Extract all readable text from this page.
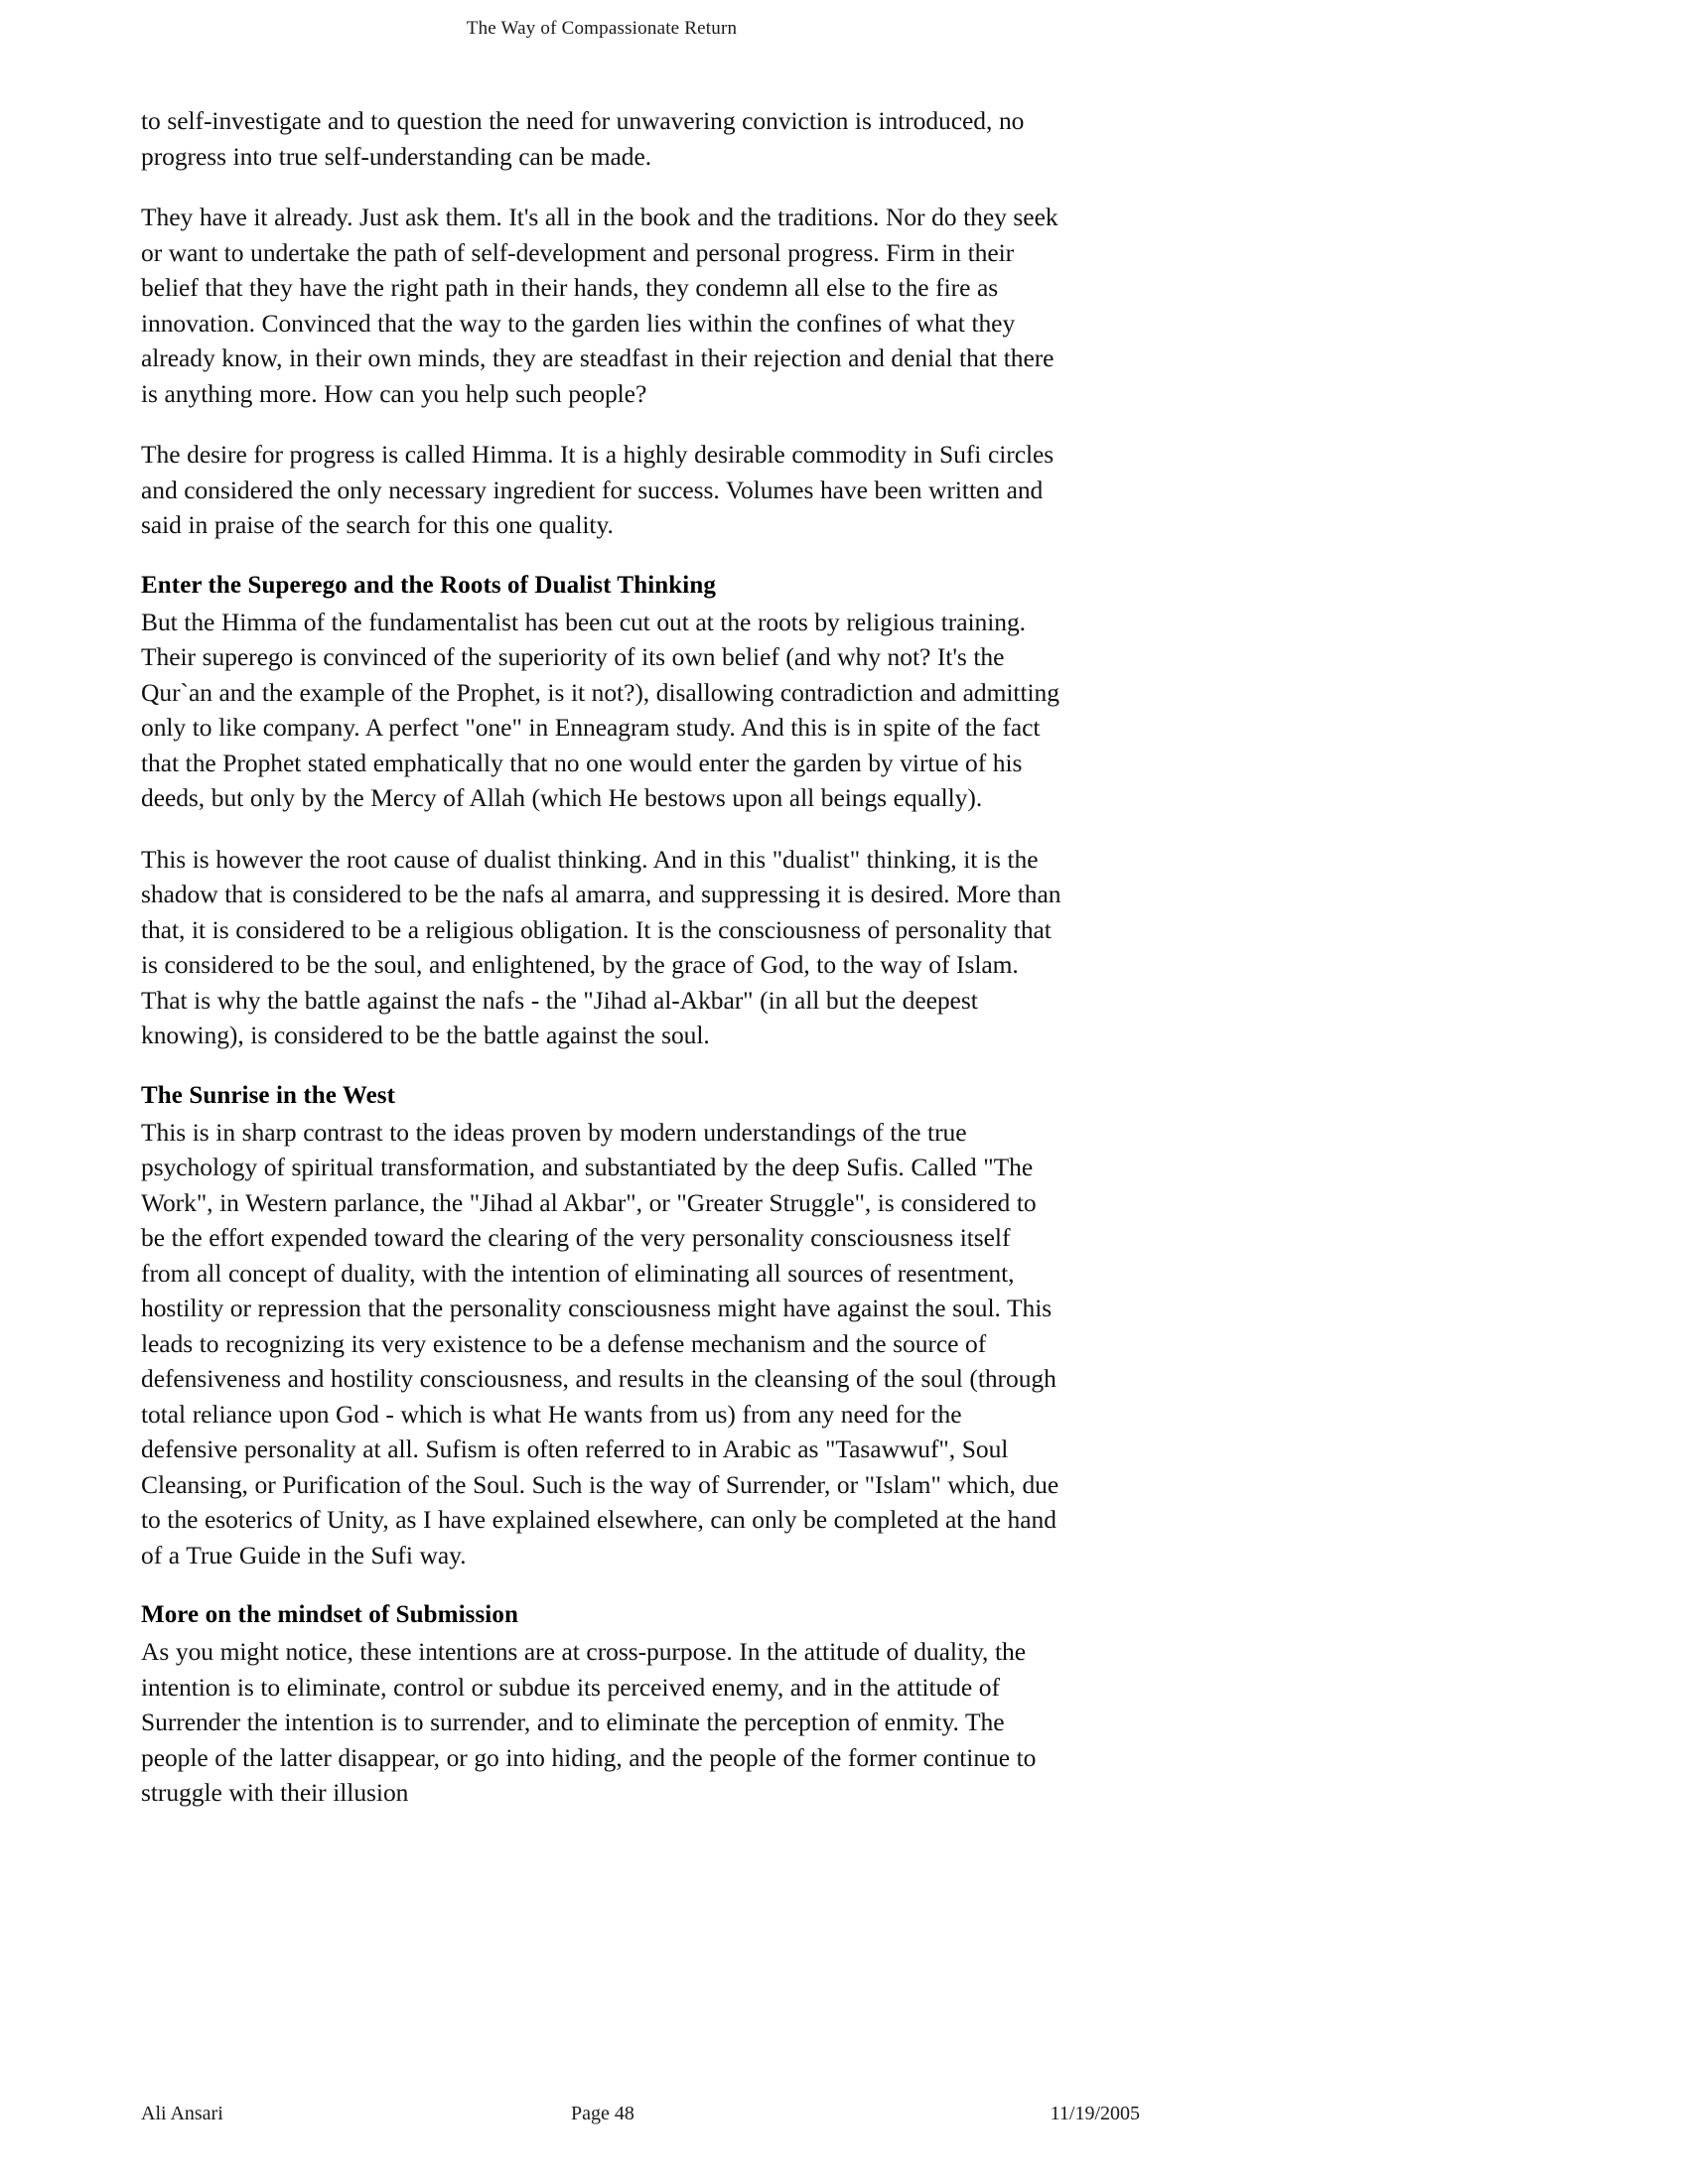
The Way of Compassionate Return

to self-investigate and to question the need for unwavering conviction is introduced, no progress into true self-understanding can be made.

They have it already. Just ask them. It's all in the book and the traditions. Nor do they seek or want to undertake the path of self-development and personal progress. Firm in their belief that they have the right path in their hands, they condemn all else to the fire as innovation. Convinced that the way to the garden lies within the confines of what they already know, in their own minds, they are steadfast in their rejection and denial that there is anything more. How can you help such people?

The desire for progress is called Himma. It is a highly desirable commodity in Sufi circles and considered the only necessary ingredient for success. Volumes have been written and said in praise of the search for this one quality.

Enter the Superego and the Roots of Dualist Thinking

But the Himma of the fundamentalist has been cut out at the roots by religious training. Their superego is convinced of the superiority of its own belief (and why not? It's the Qur`an and the example of the Prophet, is it not?), disallowing contradiction and admitting only to like company. A perfect "one" in Enneagram study. And this is in spite of the fact that the Prophet stated emphatically that no one would enter the garden by virtue of his deeds, but only by the Mercy of Allah (which He bestows upon all beings equally).

This is however the root cause of dualist thinking. And in this "dualist" thinking, it is the shadow that is considered to be the nafs al amarra, and suppressing it is desired. More than that, it is considered to be a religious obligation. It is the consciousness of personality that is considered to be the soul, and enlightened, by the grace of God, to the way of Islam. That is why the battle against the nafs - the "Jihad al-Akbar" (in all but the deepest knowing), is considered to be the battle against the soul.

The Sunrise in the West

This is in sharp contrast to the ideas proven by modern understandings of the true psychology of spiritual transformation, and substantiated by the deep Sufis. Called "The Work", in Western parlance, the "Jihad al Akbar", or "Greater Struggle", is considered to be the effort expended toward the clearing of the very personality consciousness itself from all concept of duality, with the intention of eliminating all sources of resentment, hostility or repression that the personality consciousness might have against the soul. This leads to recognizing its very existence to be a defense mechanism and the source of defensiveness and hostility consciousness, and results in the cleansing of the soul (through total reliance upon God - which is what He wants from us) from any need for the defensive personality at all. Sufism is often referred to in Arabic as "Tasawwuf", Soul Cleansing, or Purification of the Soul. Such is the way of Surrender, or "Islam" which, due to the esoterics of Unity, as I have explained elsewhere, can only be completed at the hand of a True Guide in the Sufi way.

More on the mindset of Submission

As you might notice, these intentions are at cross-purpose. In the attitude of duality, the intention is to eliminate, control or subdue its perceived enemy, and in the attitude of Surrender the intention is to surrender, and to eliminate the perception of enmity. The people of the latter disappear, or go into hiding, and the people of the former continue to struggle with their illusion

Ali Ansari	Page 48	11/19/2005
